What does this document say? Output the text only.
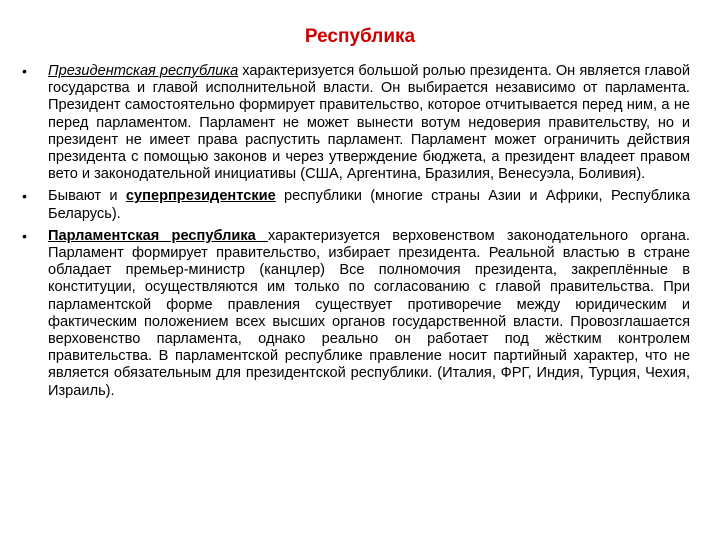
Республика
• Президентская республика характеризуется большой ролью президента. Он является главой государства и главой исполнительной власти. Он выбирается независимо от парламента. Президент самостоятельно формирует правительство, которое отчитывается перед ним, а не перед парламентом. Парламент не может вынести вотум недоверия правительству, но и президент не имеет права распустить парламент. Парламент может ограничить действия президента с помощью законов и через утверждение бюджета, а президент владеет правом вето и законодательной инициативы (США, Аргентина, Бразилия, Венесуэла, Боливия).
• Бывают и суперпрезидентские республики (многие страны Азии и Африки, Республика Беларусь).
• Парламентская республика характеризуется верховенством законодательного органа. Парламент формирует правительство, избирает президента. Реальной властью в стране обладает премьер-министр (канцлер) Все полномочия президента, закреплённые в конституции, осуществляются им только по согласованию с главой правительства. При парламентской форме правления существует противоречие между юридическим и фактическим положением всех высших органов государственной власти. Провозглашается верховенство парламента, однако реально он работает под жёстким контролем правительства. В парламентской республике правление носит партийный характер, что не является обязательным для президентской республики. (Италия, ФРГ, Индия, Турция, Чехия, Израиль).
